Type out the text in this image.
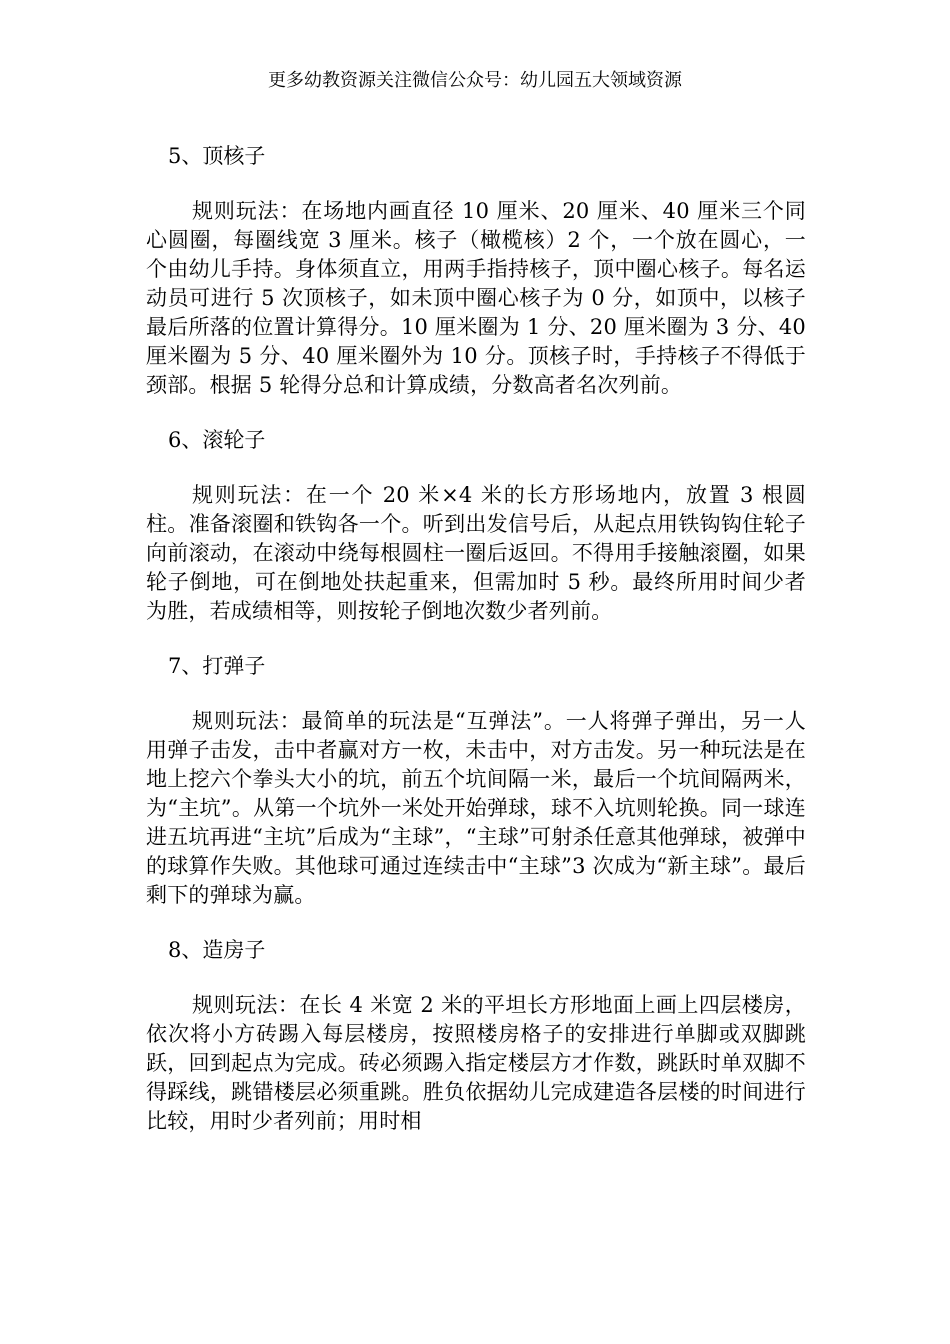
更多幼教资源关注微信公众号：幼儿园五大领域资源
5、顶核子
规则玩法：在场地内画直径 10 厘米、20 厘米、40 厘米三个同心圆圈，每圈线宽 3 厘米。核子（橄榄核）2 个，一个放在圆心，一个由幼儿手持。身体须直立，用两手指持核子，顶中圈心核子。每名运动员可进行 5 次顶核子，如未顶中圈心核子为 0 分，如顶中，以核子最后所落的位置计算得分。10 厘米圈为 1 分、20 厘米圈为 3 分、40 厘米圈为 5 分、40 厘米圈外为 10 分。顶核子时，手持核子不得低于颈部。根据 5 轮得分总和计算成绩，分数高者名次列前。
6、滚轮子
规则玩法：在一个 20 米×4 米的长方形场地内，放置 3 根圆柱。准备滚圈和铁钩各一个。听到出发信号后，从起点用铁钩钩住轮子向前滚动，在滚动中绕每根圆柱一圈后返回。不得用手接触滚圈，如果轮子倒地，可在倒地处扶起重来，但需加时 5 秒。最终所用时间少者为胜，若成绩相等，则按轮子倒地次数少者列前。
7、打弹子
规则玩法：最简单的玩法是“互弹法”。一人将弹子弹出，另一人用弹子击发，击中者赢对方一枚，未击中，对方击发。另一种玩法是在地上挖六个拳头大小的坑，前五个坑间隔一米，最后一个坑间隔两米，为“主坑”。从第一个坑外一米处开始弹球，球不入坑则轮换。同一球连进五坑再进“主坑”后成为“主球”，“主球”可射杀任意其他弹球，被弹中的球算作失败。其他球可通过连续击中“主球”3 次成为“新主球”。最后剩下的弹球为赢。
8、造房子
规则玩法：在长 4 米宽 2 米的平坦长方形地面上画上四层楼房，依次将小方砖踢入每层楼房，按照楼房格子的安排进行单脚或双脚跳跃，回到起点为完成。砖必须踢入指定楼层方才作数，跳跃时单双脚不得踩线，跳错楼层必须重跳。胜负依据幼儿完成建造各层楼的时间进行比较，用时少者列前；用时相
